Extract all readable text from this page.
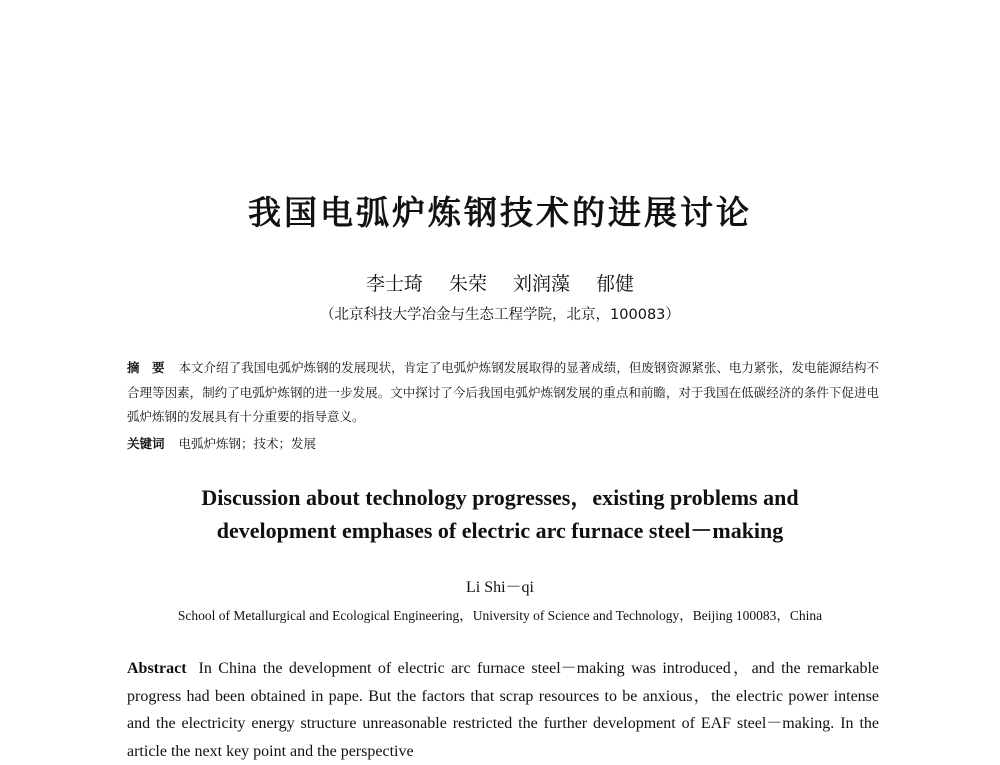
我国电弧炉炼钢技术的进展讨论
李士琦 朱荣 刘润藻 郁健
（北京科技大学冶金与生态工程学院，北京，100083）

摘　要 本文介绍了我国电弧炉炼钢的发展现状，肯定了电弧炉炼钢发展取得的显著成绩，但废钢资源紧张、电力紧张，发电能源结构不合理等因素，制约了电弧炉炼钢的进一步发展。文中探讨了今后我国电弧炉炼钢发展的重点和前瞻，对于我国在低碳经济的条件下促进电弧炉炼钢的发展具有十分重要的指导意义。

关键词 电弧炉炼钢；技术；发展

Discussion about technology progresses，existing problems and
development emphases of electric arc furnace steel－making
Li Shi－qi
School of Metallurgical and Ecological Engineering，University of Science and Technology，Beijing 100083，China

Abstract In China the development of electric arc furnace steel－making was introduced，and the remarkable progress had been obtained in pape. But the factors that scrap resources to be anxious，the electric power intense and the electricity energy structure unreasonable restricted the further development of EAF steel－making. In the article the next key point and the perspective
